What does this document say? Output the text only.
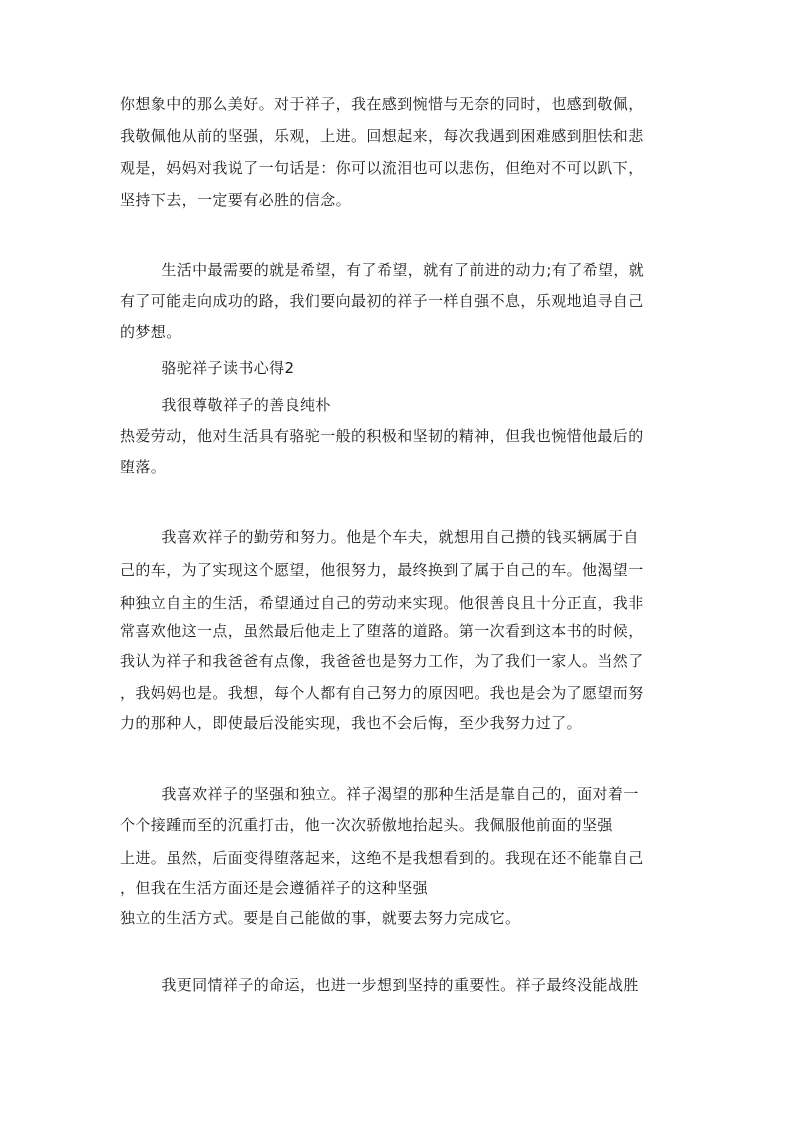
你想象中的那么美好。对于祥子，我在感到惋惜与无奈的同时，也感到敬佩，
我敬佩他从前的坚强，乐观，上进。回想起来，每次我遇到困难感到胆怯和悲
观是，妈妈对我说了一句话是：你可以流泪也可以悲伤，但绝对不可以趴下，
坚持下去，一定要有必胜的信念。
生活中最需要的就是希望，有了希望，就有了前进的动力;有了希望，就
有了可能走向成功的路，我们要向最初的祥子一样自强不息，乐观地追寻自己
的梦想。
骆驼祥子读书心得2
我很尊敬祥子的善良纯朴
热爱劳动，他对生活具有骆驼一般的积极和坚韧的精神，但我也惋惜他最后的
堕落。
我喜欢祥子的勤劳和努力。他是个车夫，就想用自己攒的钱买辆属于自
己的车，为了实现这个愿望，他很努力，最终换到了属于自己的车。他渴望一
种独立自主的生活，希望通过自己的劳动来实现。他很善良且十分正直，我非
常喜欢他这一点，虽然最后他走上了堕落的道路。第一次看到这本书的时候，
我认为祥子和我爸爸有点像，我爸爸也是努力工作，为了我们一家人。当然了
，我妈妈也是。我想，每个人都有自己努力的原因吧。我也是会为了愿望而努
力的那种人，即使最后没能实现，我也不会后悔，至少我努力过了。
我喜欢祥子的坚强和独立。祥子渴望的那种生活是靠自己的，面对着一
个个接踵而至的沉重打击，他一次次骄傲地抬起头。我佩服他前面的坚强
上进。虽然，后面变得堕落起来，这绝不是我想看到的。我现在还不能靠自己
，但我在生活方面还是会遵循祥子的这种坚强
独立的生活方式。要是自己能做的事，就要去努力完成它。
我更同情祥子的命运，也进一步想到坚持的重要性。祥子最终没能战胜
